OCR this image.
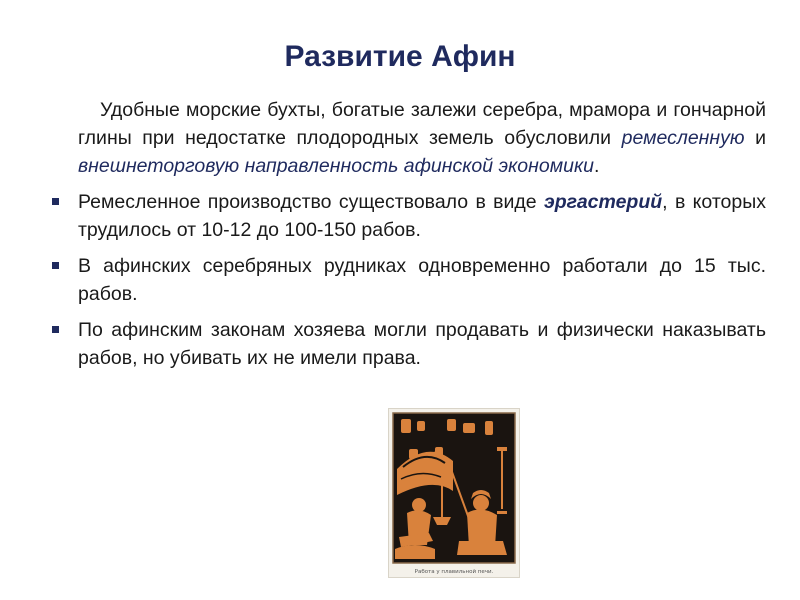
Развитие Афин

Удобные морские бухты, богатые залежи серебра, мрамора и гончарной глины при недостатке плодородных земель обусловили ремесленную и внешнеторговую направленность афинской экономики.

Ремесленное производство существовало в виде эргастерий, в которых трудилось от 10-12 до 100-150 рабов.

В афинских серебряных рудниках одновременно работали до 15 тыс. рабов.

По афинским законам хозяева могли продавать и физически наказывать рабов, но убивать их не имели права.

Работа у плавильной печи.
